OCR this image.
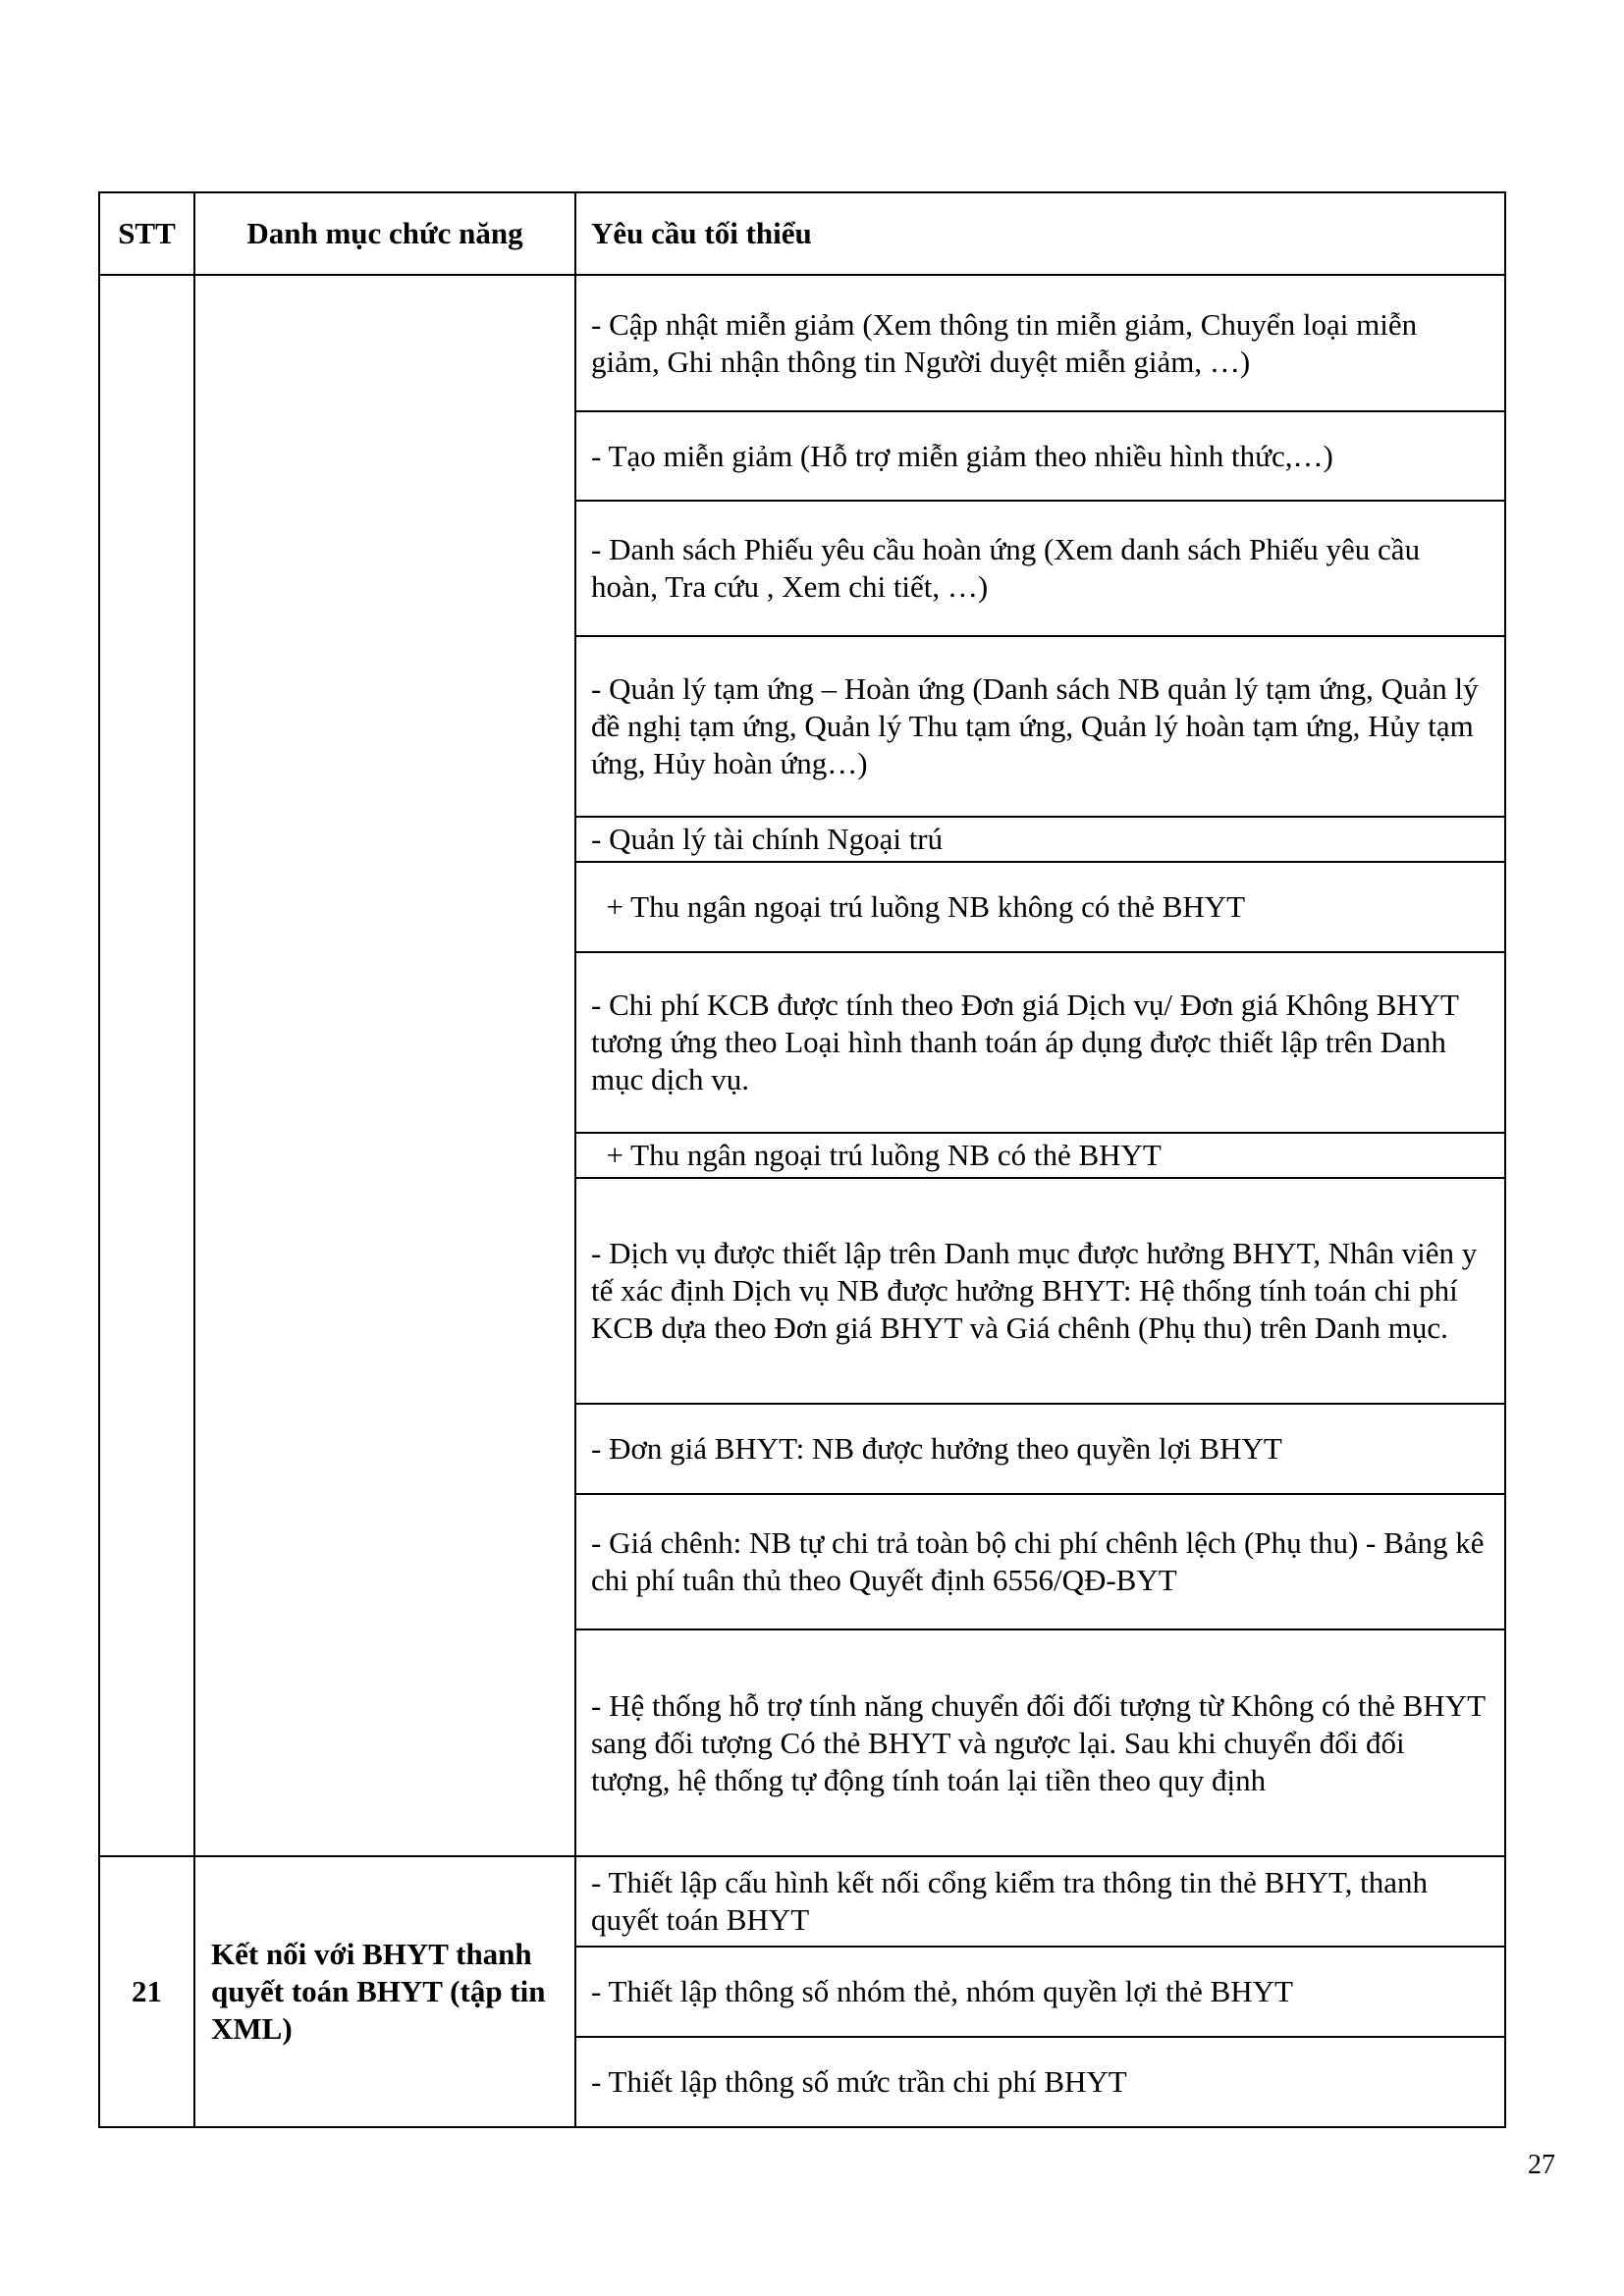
STT	Danh mục chức năng	Yêu cầu tối thiểu
		- Cập nhật miễn giảm (Xem thông tin miễn giảm, Chuyển loại miễn giảm, Ghi nhận thông tin Người duyệt miễn giảm, …)
		- Tạo miễn giảm (Hỗ trợ miễn giảm theo nhiều hình thức,…)
		- Danh sách Phiếu yêu cầu hoàn ứng (Xem danh sách Phiếu yêu cầu hoàn, Tra cứu , Xem chi tiết, …)
		- Quản lý tạm ứng – Hoàn ứng (Danh sách NB quản lý tạm ứng, Quản lý đề nghị tạm ứng, Quản lý Thu tạm ứng, Quản lý hoàn tạm ứng, Hủy tạm ứng, Hủy hoàn ứng…)
		- Quản lý tài chính Ngoại trú
		+ Thu ngân ngoại trú luồng NB không có thẻ BHYT
		- Chi phí KCB được tính theo Đơn giá Dịch vụ/ Đơn giá Không BHYT tương ứng theo Loại hình thanh toán áp dụng được thiết lập trên Danh mục dịch vụ.
		+ Thu ngân ngoại trú luồng NB có thẻ BHYT
		- Dịch vụ được thiết lập trên Danh mục được hưởng BHYT, Nhân viên y tế xác định Dịch vụ NB được hưởng BHYT: Hệ thống tính toán chi phí KCB dựa theo Đơn giá BHYT và Giá chênh (Phụ thu) trên Danh mục.
		- Đơn giá BHYT: NB được hưởng theo quyền lợi BHYT
		- Giá chênh: NB tự chi trả toàn bộ chi phí chênh lệch (Phụ thu) - Bảng kê chi phí tuân thủ theo Quyết định 6556/QĐ-BYT
		- Hệ thống hỗ trợ tính năng chuyển đối đối tượng từ Không có thẻ BHYT sang đối tượng Có thẻ BHYT và ngược lại. Sau khi chuyển đổi đối tượng, hệ thống tự động tính toán lại tiền theo quy định
21	Kết nối với BHYT thanh quyết toán BHYT (tập tin XML)	- Thiết lập cấu hình kết nối cổng kiểm tra thông tin thẻ BHYT, thanh quyết toán BHYT
		- Thiết lập thông số nhóm thẻ, nhóm quyền lợi thẻ BHYT
		- Thiết lập thông số mức trần chi phí BHYT
27
